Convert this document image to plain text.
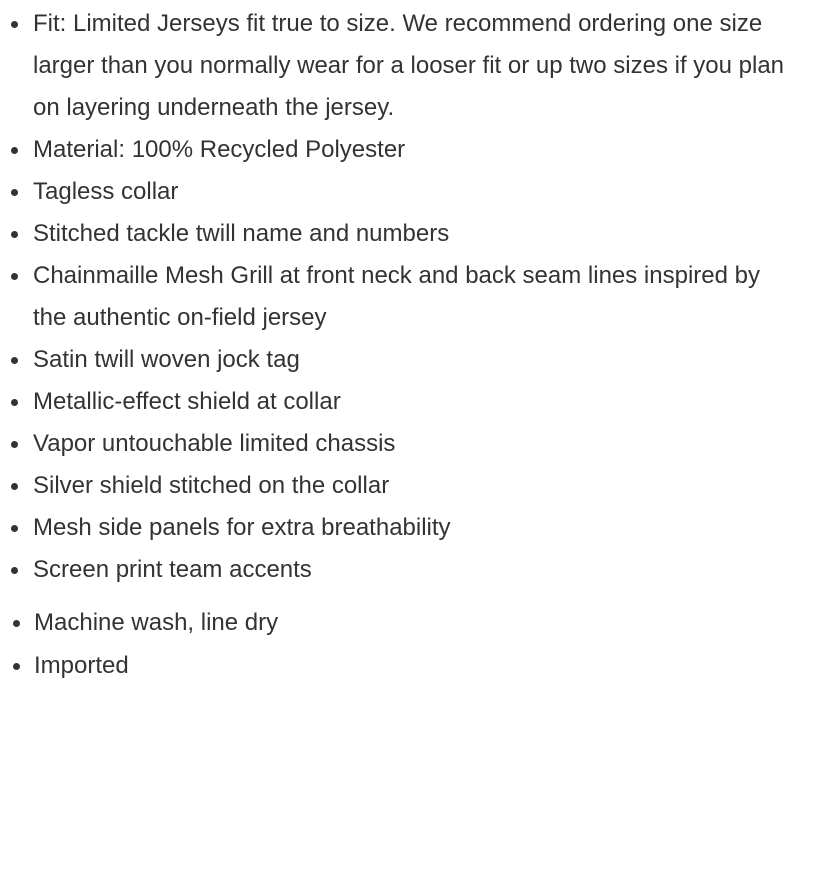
Fit: Limited Jerseys fit true to size. We recommend ordering one size larger than you normally wear for a looser fit or up two sizes if you plan on layering underneath the jersey.
Material: 100% Recycled Polyester
Tagless collar
Stitched tackle twill name and numbers
Chainmaille Mesh Grill at front neck and back seam lines inspired by the authentic on-field jersey
Satin twill woven jock tag
Metallic-effect shield at collar
Vapor untouchable limited chassis
Silver shield stitched on the collar
Mesh side panels for extra breathability
Screen print team accents
Machine wash, line dry
Imported
